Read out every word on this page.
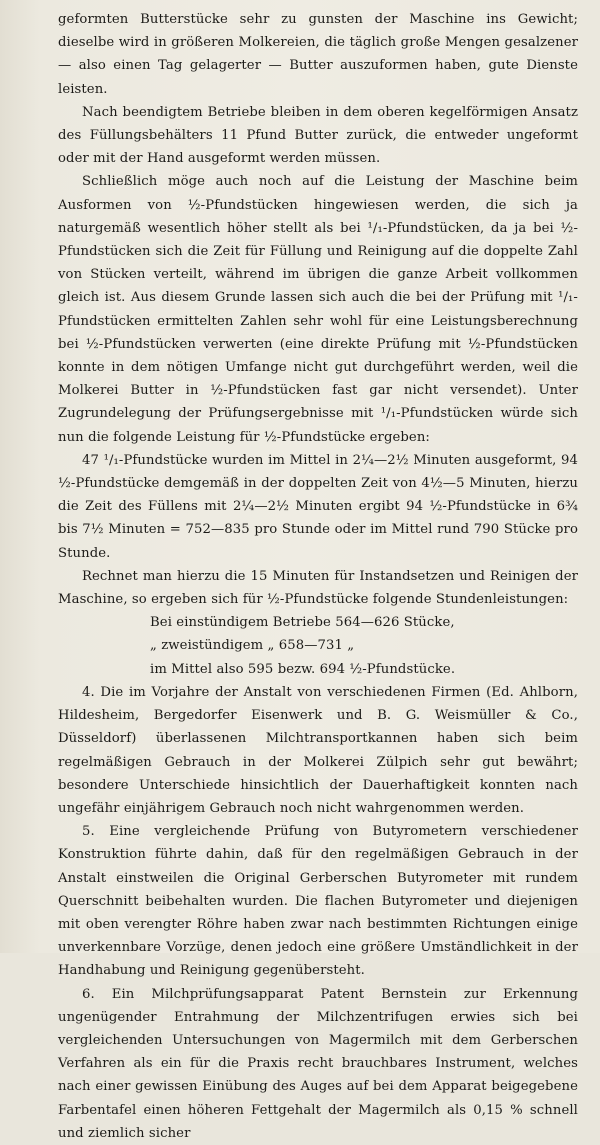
geformten Butterstücke sehr zu gunsten der Maschine ins Gewicht; dieselbe wird in größeren Molkereien, die täglich große Mengen gesalzener — also einen Tag gelagerter — Butter auszuformen haben, gute Dienste leisten.

Nach beendigtem Betriebe bleiben in dem oberen kegelförmigen Ansatz des Füllungsbehälters 11 Pfund Butter zurück, die entweder ungeformt oder mit der Hand ausgeformt werden müssen.

Schließlich möge auch noch auf die Leistung der Maschine beim Ausformen von ½-Pfundstücken hingewiesen werden, die sich ja naturgemäß wesentlich höher stellt als bei ¹/₁-Pfundstücken, da ja bei ½-Pfundstücken sich die Zeit für Füllung und Reinigung auf die doppelte Zahl von Stücken verteilt, während im übrigen die ganze Arbeit vollkommen gleich ist. Aus diesem Grunde lassen sich auch die bei der Prüfung mit ¹/₁-Pfundstücken ermittelten Zahlen sehr wohl für eine Leistungsberechnung bei ½-Pfundstücken verwerten (eine direkte Prüfung mit ½-Pfundstücken konnte in dem nötigen Umfange nicht gut durchgeführt werden, weil die Molkerei Butter in ½-Pfundstücken fast gar nicht versendet). Unter Zugrundelegung der Prüfungsergebnisse mit ¹/₁-Pfundstücken würde sich nun die folgende Leistung für ½-Pfundstücke ergeben:

47 ¹/₁-Pfundstücke wurden im Mittel in 2¼—2½ Minuten ausgeformt, 94 ½-Pfundstücke demgemäß in der doppelten Zeit von 4½—5 Minuten, hierzu die Zeit des Füllens mit 2¼—2½ Minuten ergibt 94 ½-Pfundstücke in 6¾ bis 7½ Minuten = 752—835 pro Stunde oder im Mittel rund 790 Stücke pro Stunde.

Rechnet man hierzu die 15 Minuten für Instandsetzen und Reinigen der Maschine, so ergeben sich für ½-Pfundstücke folgende Stundenleistungen:

Bei einstündigem Betriebe 564—626 Stücke,

„ zweistündigem „ 658—731 „

im Mittel also 595 bezw. 694 ½-Pfundstücke.

4. Die im Vorjahre der Anstalt von verschiedenen Firmen (Ed. Ahlborn, Hildesheim, Bergedorfer Eisenwerk und B. G. Weismüller & Co., Düsseldorf) überlassenen Milchtransportkannen haben sich beim regelmäßigen Gebrauch in der Molkerei Zülpich sehr gut bewährt; besondere Unterschiede hinsichtlich der Dauerhaftigkeit konnten nach ungefähr einjährigem Gebrauch noch nicht wahrgenommen werden.

5. Eine vergleichende Prüfung von Butyrometern verschiedener Konstruktion führte dahin, daß für den regelmäßigen Gebrauch in der Anstalt einstweilen die Original Gerberschen Butyrometer mit rundem Querschnitt beibehalten wurden. Die flachen Butyrometer und diejenigen mit oben verengter Röhre haben zwar nach bestimmten Richtungen einige unverkennbare Vorzüge, denen jedoch eine größere Umständlichkeit in der Handhabung und Reinigung gegenübersteht.

6. Ein Milchprüfungsapparat Patent Bernstein zur Erkennung ungenügender Entrahmung der Milchzentrifugen erwies sich bei vergleichenden Untersuchungen von Magermilch mit dem Gerberschen Verfahren als ein für die Praxis recht brauchbares Instrument, welches nach einer gewissen Einübung des Auges auf bei dem Apparat beigegebene Farbentafel einen höheren Fettgehalt der Magermilch als 0,15 % schnell und ziemlich sicher
